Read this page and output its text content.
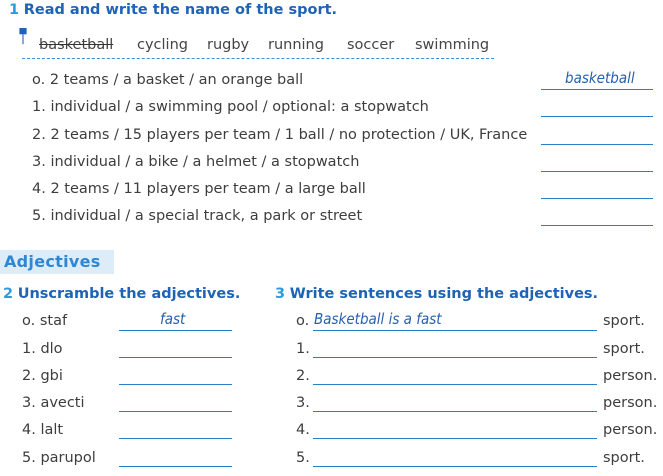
1 Read and write the name of the sport.
basketball cycling rugby running soccer swimming
o. 2 teams / a basket / an orange ball	basketball
1. individual / a swimming pool / optional: a stopwatch
2. 2 teams / 15 players per team / 1 ball / no protection / UK, France
3. individual / a bike / a helmet / a stopwatch
4. 2 teams / 11 players per team / a large ball
5. individual / a special track, a park or street
Adjectives
2 Unscramble the adjectives. 3 Write sentences using the adjectives.
o. staf	fast
1. dlo
2. gbi
3. avecti
4. lalt
5. parupol
o. Basketball is a fast	sport.
1.	sport.
2.	person.
3.	person.
4.	person.
5.	sport.
